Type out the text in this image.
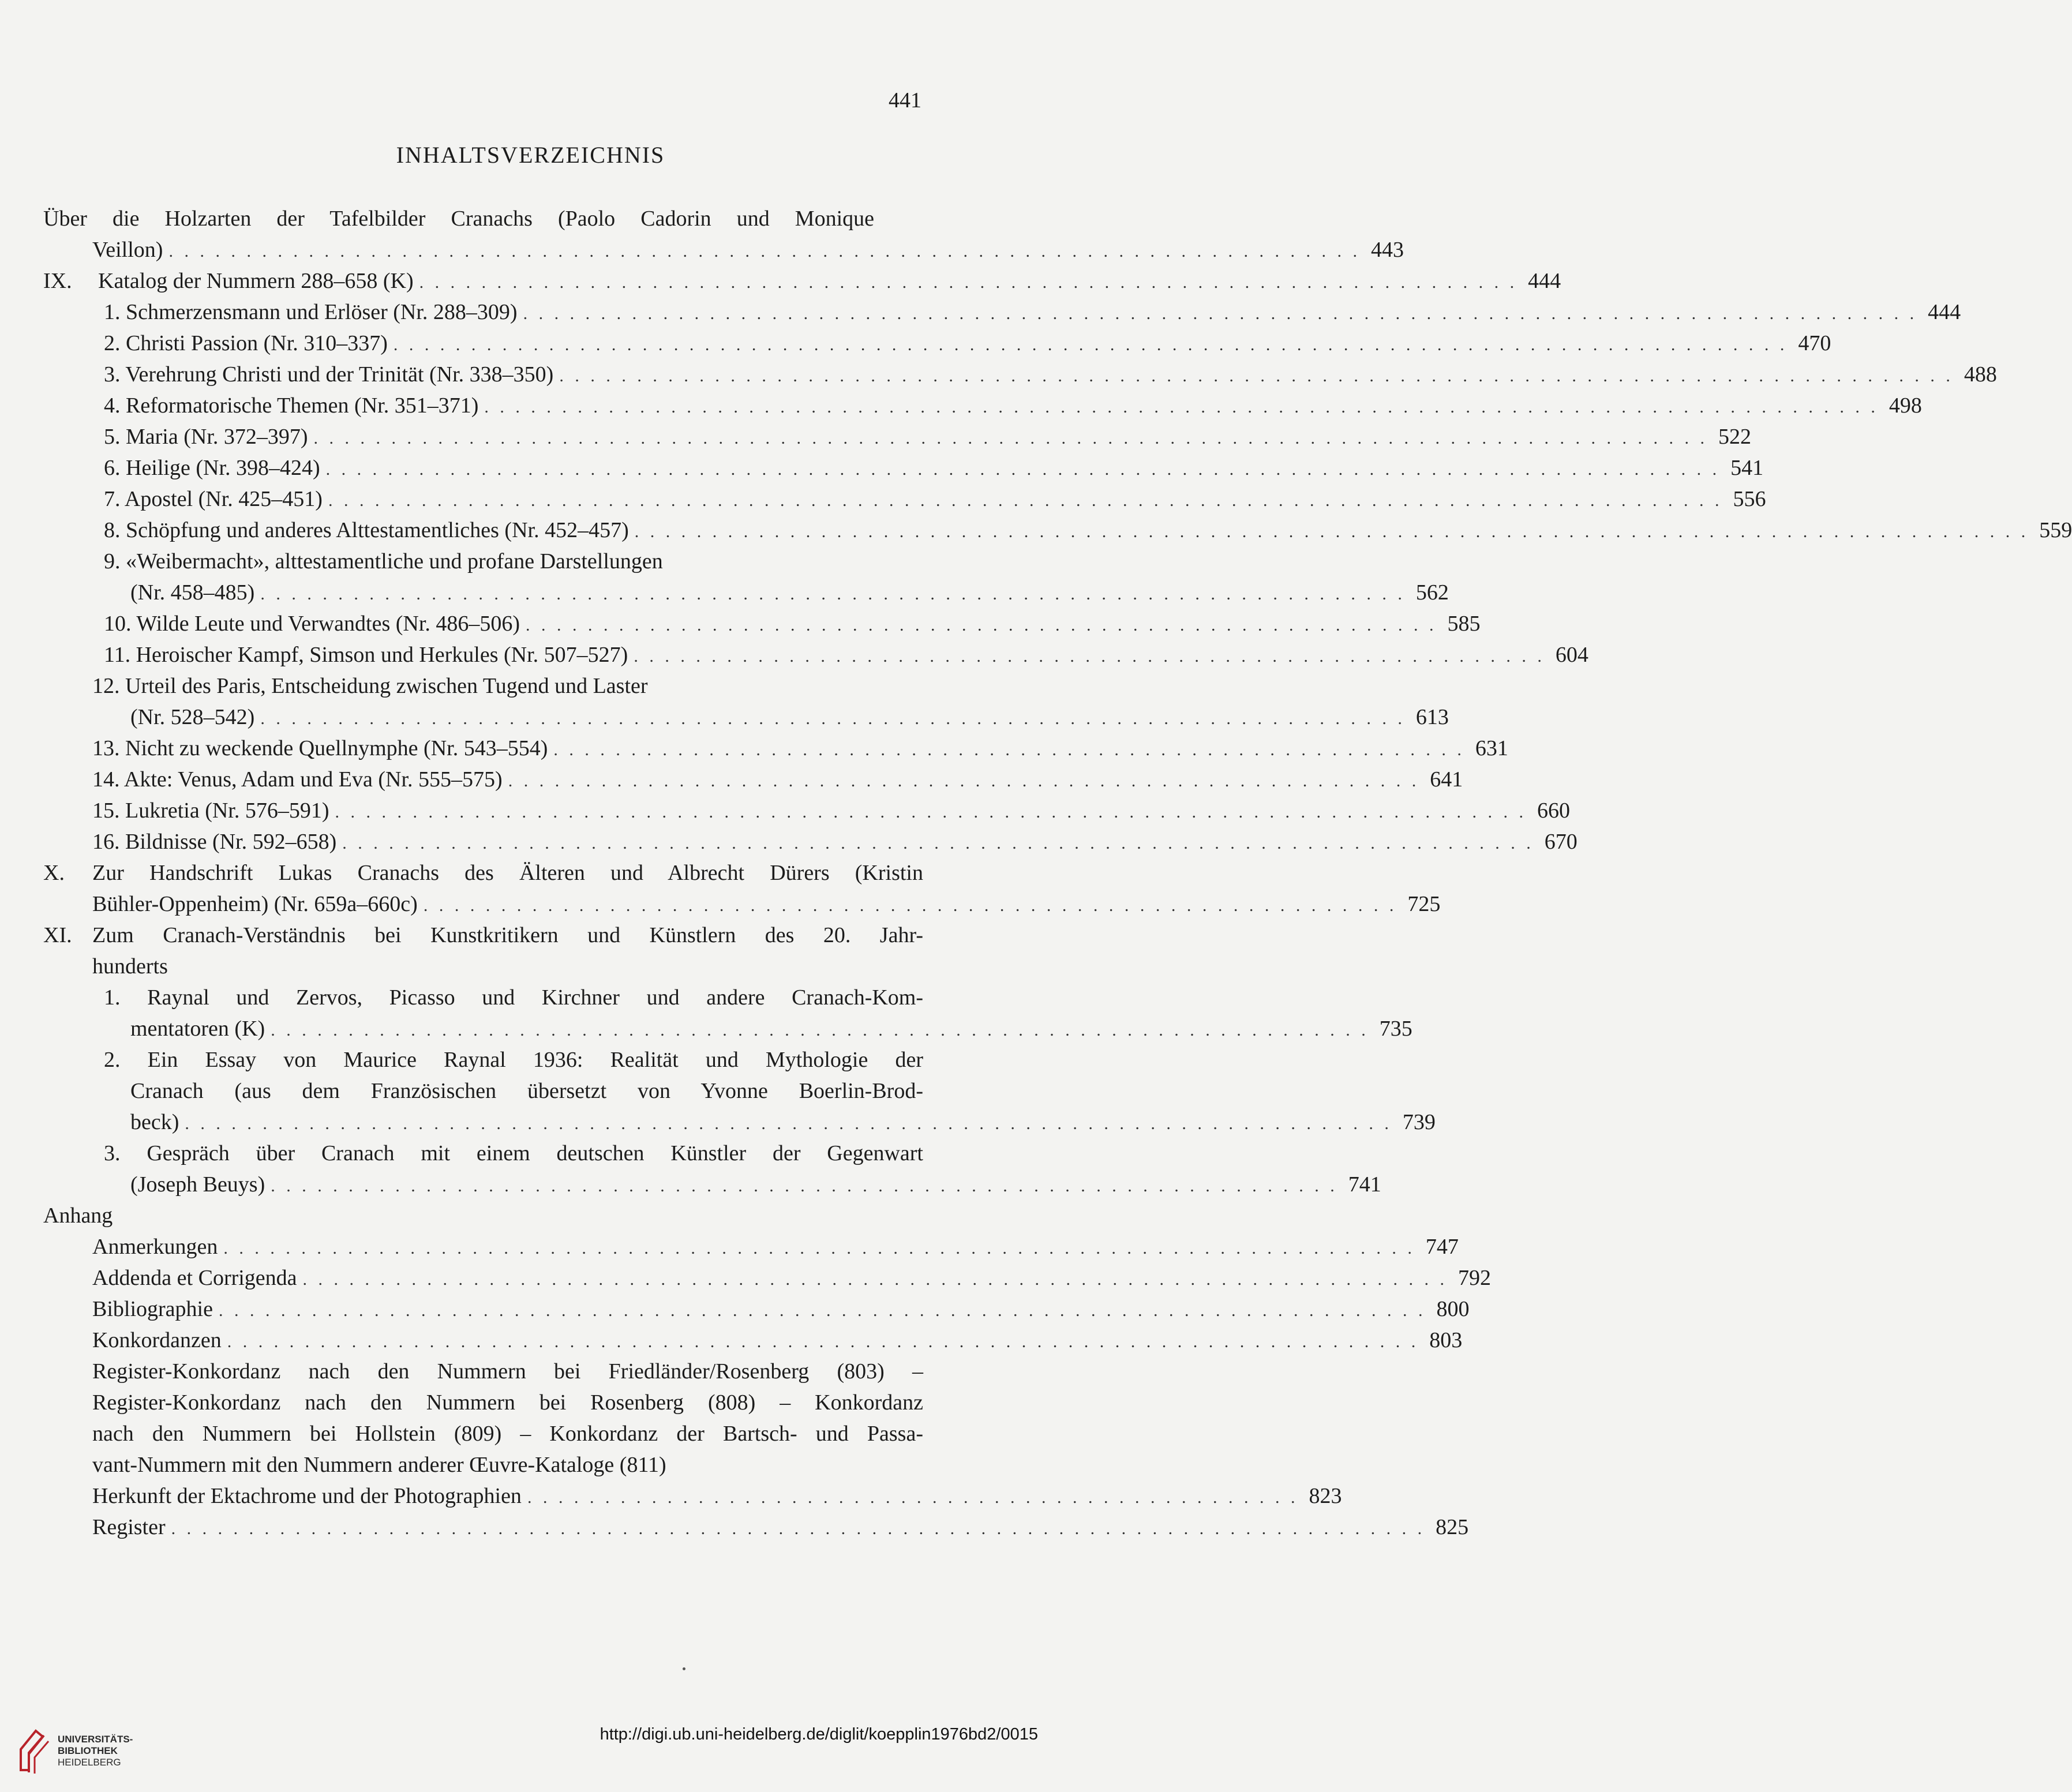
441
INHALTSVERZEICHNIS
Über die Holzarten der Tafelbilder Cranachs (Paolo Cadorin und Monique
Veillon) . . . . . . . . . . . . . . . . . . . . . . . . . . . . . . . . . . . . . . . . . . . . . . . . . . . . . . . . . . . . . . . . . . . . . . . . . . . . . 443
IX. Katalog der Nummern 288–658 (K) . . . . . . . . . . . . . . . . . . . . . . . . . . . . . . . . . . . . . . . . . . . . . . . . . . . . . . . . . . . . . . . . . . . . . . . 444
1. Schmerzensmann und Erlöser (Nr. 288–309) . . . . . . . . . . . . . . . . . . . . . . . . . . . . . . . . . . . . . . . . . . . . . . . . . . . . . . . . . . . . . . . . . . . . . . . . . . . . . . . . . . . . . . . . . . 444
2. Christi Passion (Nr. 310–337) . . . . . . . . . . . . . . . . . . . . . . . . . . . . . . . . . . . . . . . . . . . . . . . . . . . . . . . . . . . . . . . . . . . . . . . . . . . . . . . . . . . . . . . . . . 470
3. Verehrung Christi und der Trinität (Nr. 338–350) . . . . . . . . . . . . . . . . . . . . . . . . . . . . . . . . . . . . . . . . . . . . . . . . . . . . . . . . . . . . . . . . . . . . . . . . . . . . . . . . . . . . . . . . . . 488
4. Reformatorische Themen (Nr. 351–371) . . . . . . . . . . . . . . . . . . . . . . . . . . . . . . . . . . . . . . . . . . . . . . . . . . . . . . . . . . . . . . . . . . . . . . . . . . . . . . . . . . . . . . . . . . 498
5. Maria (Nr. 372–397) . . . . . . . . . . . . . . . . . . . . . . . . . . . . . . . . . . . . . . . . . . . . . . . . . . . . . . . . . . . . . . . . . . . . . . . . . . . . . . . . . . . . . . . . . . 522
6. Heilige (Nr. 398–424) . . . . . . . . . . . . . . . . . . . . . . . . . . . . . . . . . . . . . . . . . . . . . . . . . . . . . . . . . . . . . . . . . . . . . . . . . . . . . . . . . . . . . . . . . . 541
7. Apostel (Nr. 425–451) . . . . . . . . . . . . . . . . . . . . . . . . . . . . . . . . . . . . . . . . . . . . . . . . . . . . . . . . . . . . . . . . . . . . . . . . . . . . . . . . . . . . . . . . . . 556
8. Schöpfung und anderes Alttestamentliches (Nr. 452–457) . . . . . . . . . . . . . . . . . . . . . . . . . . . . . . . . . . . . . . . . . . . . . . . . . . . . . . . . . . . . . . . . . . . . . . . . . . . . . . . . . . . . . . . . . . 559
9. «Weibermacht», alttestamentliche und profane Darstellungen
(Nr. 458–485) . . . . . . . . . . . . . . . . . . . . . . . . . . . . . . . . . . . . . . . . . . . . . . . . . . . . . . . . . . . . . . . . . . . . . . . . . . 562
10. Wilde Leute und Verwandtes (Nr. 486–506) . . . . . . . . . . . . . . . . . . . . . . . . . . . . . . . . . . . . . . . . . . . . . . . . . . . . . . . . . . . 585
11. Heroischer Kampf, Simson und Herkules (Nr. 507–527) . . . . . . . . . . . . . . . . . . . . . . . . . . . . . . . . . . . . . . . . . . . . . . . . . . . . . . . . . . . 604
12. Urteil des Paris, Entscheidung zwischen Tugend und Laster
(Nr. 528–542) . . . . . . . . . . . . . . . . . . . . . . . . . . . . . . . . . . . . . . . . . . . . . . . . . . . . . . . . . . . . . . . . . . . . . . . . . . 613
13. Nicht zu weckende Quellnymphe (Nr. 543–554) . . . . . . . . . . . . . . . . . . . . . . . . . . . . . . . . . . . . . . . . . . . . . . . . . . . . . . . . . . . 631
14. Akte: Venus, Adam und Eva (Nr. 555–575) . . . . . . . . . . . . . . . . . . . . . . . . . . . . . . . . . . . . . . . . . . . . . . . . . . . . . . . . . . . 641
15. Lukretia (Nr. 576–591) . . . . . . . . . . . . . . . . . . . . . . . . . . . . . . . . . . . . . . . . . . . . . . . . . . . . . . . . . . . . . . . . . . . . . . . . . . . . . 660
16. Bildnisse (Nr. 592–658) . . . . . . . . . . . . . . . . . . . . . . . . . . . . . . . . . . . . . . . . . . . . . . . . . . . . . . . . . . . . . . . . . . . . . . . . . . . . . 670
X. Zur Handschrift Lukas Cranachs des Älteren und Albrecht Dürers (Kristin
Bühler-Oppenheim) (Nr. 659a–660c) . . . . . . . . . . . . . . . . . . . . . . . . . . . . . . . . . . . . . . . . . . . . . . . . . . . . . . . . . . . . . . . 725
XI. Zum Cranach-Verständnis bei Kunstkritikern und Künstlern des 20. Jahr-
hunderts
1. Raynal und Zervos, Picasso und Kirchner und andere Cranach-Kom-
mentatoren (K) . . . . . . . . . . . . . . . . . . . . . . . . . . . . . . . . . . . . . . . . . . . . . . . . . . . . . . . . . . . . . . . . . . . . . . . 735
2. Ein Essay von Maurice Raynal 1936: Realität und Mythologie der
Cranach (aus dem Französischen übersetzt von Yvonne Boerlin-Brod-
beck) . . . . . . . . . . . . . . . . . . . . . . . . . . . . . . . . . . . . . . . . . . . . . . . . . . . . . . . . . . . . . . . . . . . . . . . . . . . . . . 739
3. Gespräch über Cranach mit einem deutschen Künstler der Gegenwart
(Joseph Beuys) . . . . . . . . . . . . . . . . . . . . . . . . . . . . . . . . . . . . . . . . . . . . . . . . . . . . . . . . . . . . . . . . . . . . . 741
Anhang
Anmerkungen . . . . . . . . . . . . . . . . . . . . . . . . . . . . . . . . . . . . . . . . . . . . . . . . . . . . . . . . . . . . . . . . . . . . . . . . . . . . . 747
Addenda et Corrigenda . . . . . . . . . . . . . . . . . . . . . . . . . . . . . . . . . . . . . . . . . . . . . . . . . . . . . . . . . . . . . . . . . . . . . . . . . . 792
Bibliographie . . . . . . . . . . . . . . . . . . . . . . . . . . . . . . . . . . . . . . . . . . . . . . . . . . . . . . . . . . . . . . . . . . . . . . . . . . . . . . 800
Konkordanzen . . . . . . . . . . . . . . . . . . . . . . . . . . . . . . . . . . . . . . . . . . . . . . . . . . . . . . . . . . . . . . . . . . . . . . . . . . . . . 803
Register-Konkordanz nach den Nummern bei Friedländer/Rosenberg (803) –
Register-Konkordanz nach den Nummern bei Rosenberg (808) – Konkordanz
nach den Nummern bei Hollstein (809) – Konkordanz der Bartsch- und Passa-
vant-Nummern mit den Nummern anderer Œuvre-Kataloge (811)
Herkunft der Ektachrome und der Photographien . . . . . . . . . . . . . . . . . . . . . . . . . . . . . . . . . . . . . . . . . . . . . . . . . . 823
Register . . . . . . . . . . . . . . . . . . . . . . . . . . . . . . . . . . . . . . . . . . . . . . . . . . . . . . . . . . . . . . . . . . . . . . . . . . . . . . . . . 825
UNIVERSITÄTS-
BIBLIOTHEK
HEIDELBERG
http://digi.ub.uni-heidelberg.de/diglit/koepplin1976bd2/0015
